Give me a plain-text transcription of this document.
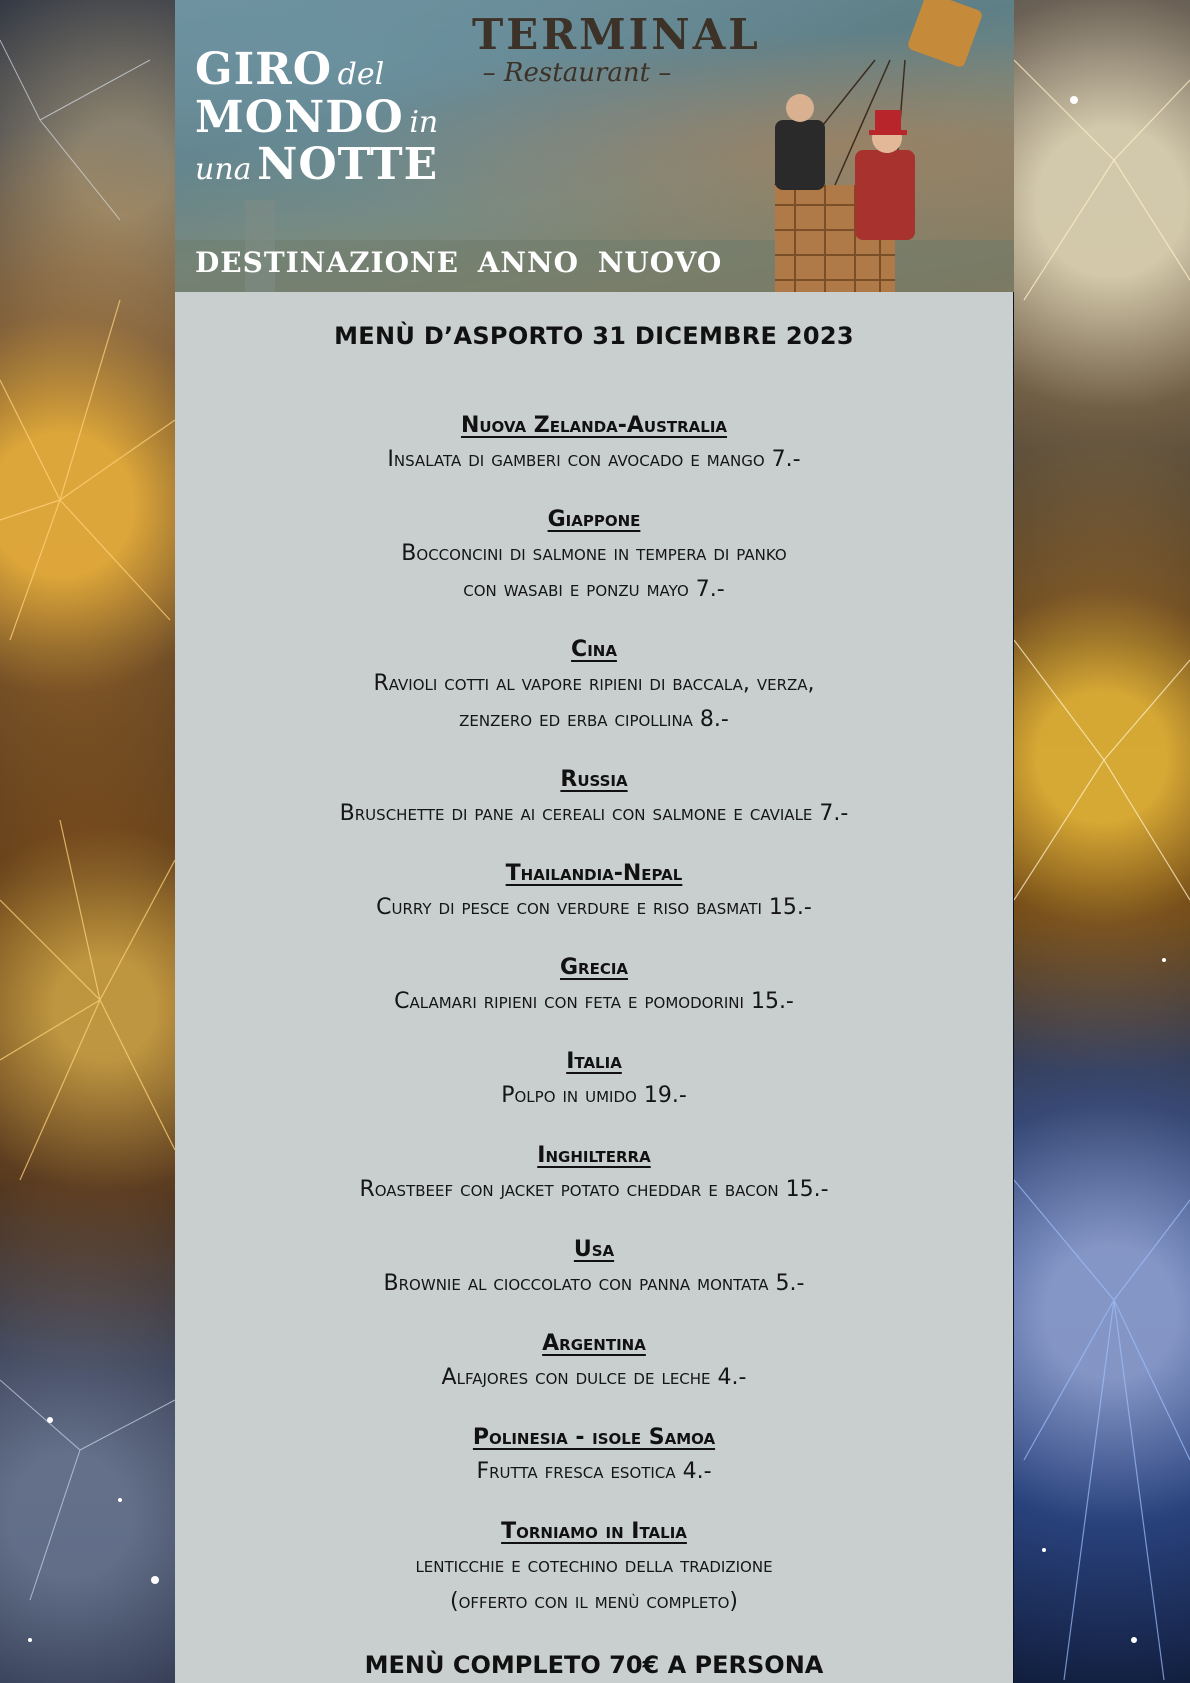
GIRO del
MONDO in
una NOTTE
TERMINAL
– Restaurant –
DESTINAZIONE ANNO NUOVO
MENÙ D’ASPORTO 31 DICEMBRE 2023
Nuova Zelanda-Australia
Insalata di gamberi con avocado e mango 7.-
Giappone
Bocconcini di salmone in tempera di panko
con wasabi e ponzu mayo 7.-
Cina
Ravioli cotti al vapore ripieni di baccala, verza,
zenzero ed erba cipollina 8.-
Russia
Bruschette di pane ai cereali con salmone e caviale 7.-
Thailandia-Nepal
Curry di pesce con verdure e riso basmati 15.-
Grecia
Calamari ripieni con feta e pomodorini 15.-
Italia
Polpo in umido 19.-
Inghilterra
Roastbeef con jacket potato cheddar e bacon 15.-
Usa
Brownie al cioccolato con panna montata 5.-
Argentina
Alfajores con dulce de leche 4.-
Polinesia - isole Samoa
Frutta fresca esotica 4.-
Torniamo in Italia
lenticchie e cotechino della tradizione
(offerto con il menù completo)
MENÙ COMPLETO 70€ A PERSONA
